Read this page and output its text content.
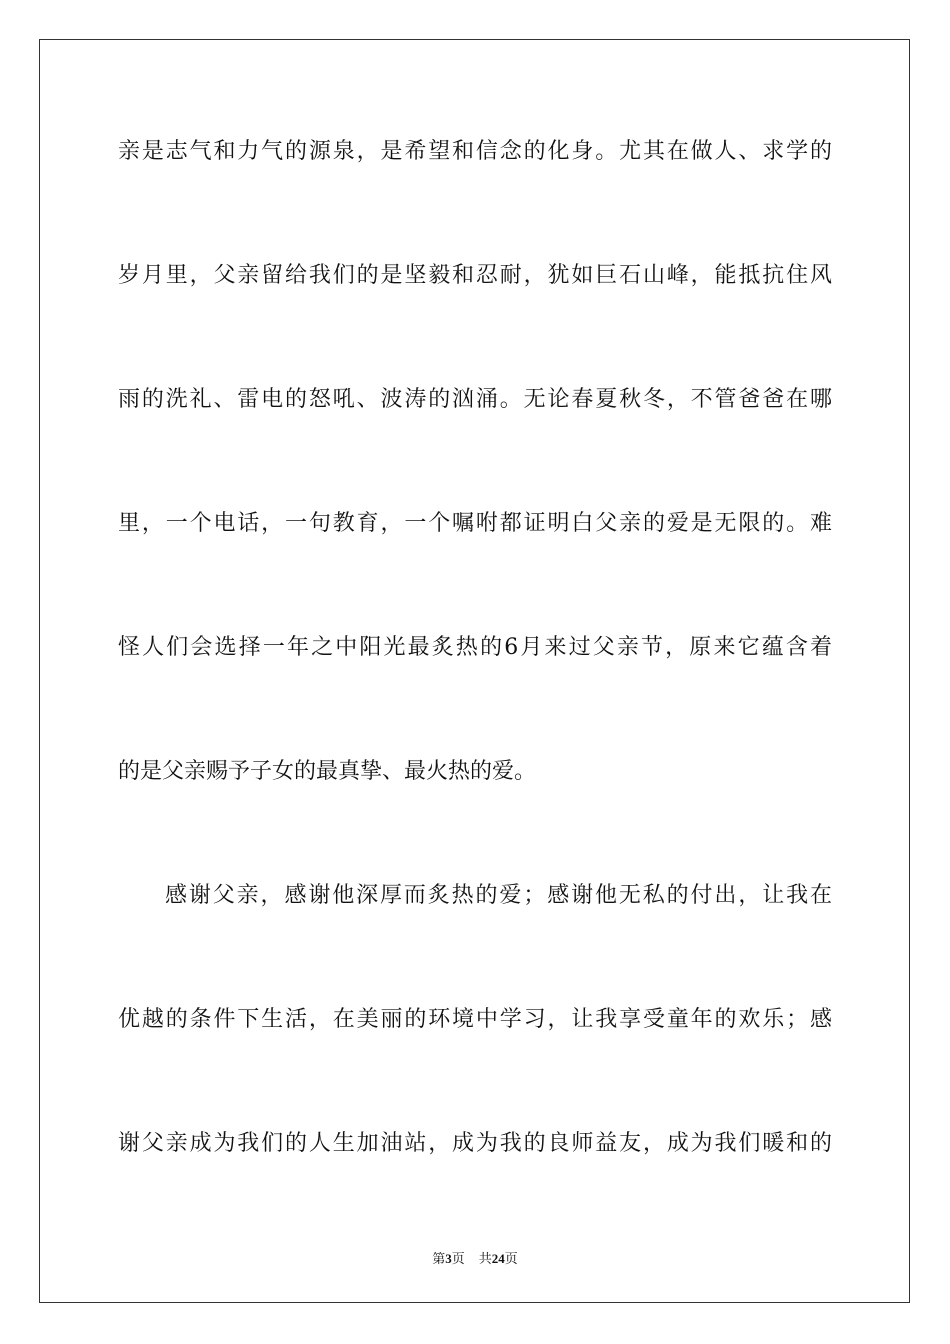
亲是志气和力气的源泉，是希望和信念的化身。尤其在做人、求学的
岁月里，父亲留给我们的是坚毅和忍耐，犹如巨石山峰，能抵抗住风
雨的洗礼、雷电的怒吼、波涛的汹涌。无论春夏秋冬，不管爸爸在哪
里，一个电话，一句教育，一个嘱咐都证明白父亲的爱是无限的。难
怪人们会选择一年之中阳光最炙热的6月来过父亲节，原来它蕴含着
的是父亲赐予子女的最真挚、最火热的爱。
感谢父亲，感谢他深厚而炙热的爱；感谢他无私的付出，让我在
优越的条件下生活，在美丽的环境中学习，让我享受童年的欢乐；感
谢父亲成为我们的人生加油站，成为我的良师益友，成为我们暖和的
第3页 共24页
